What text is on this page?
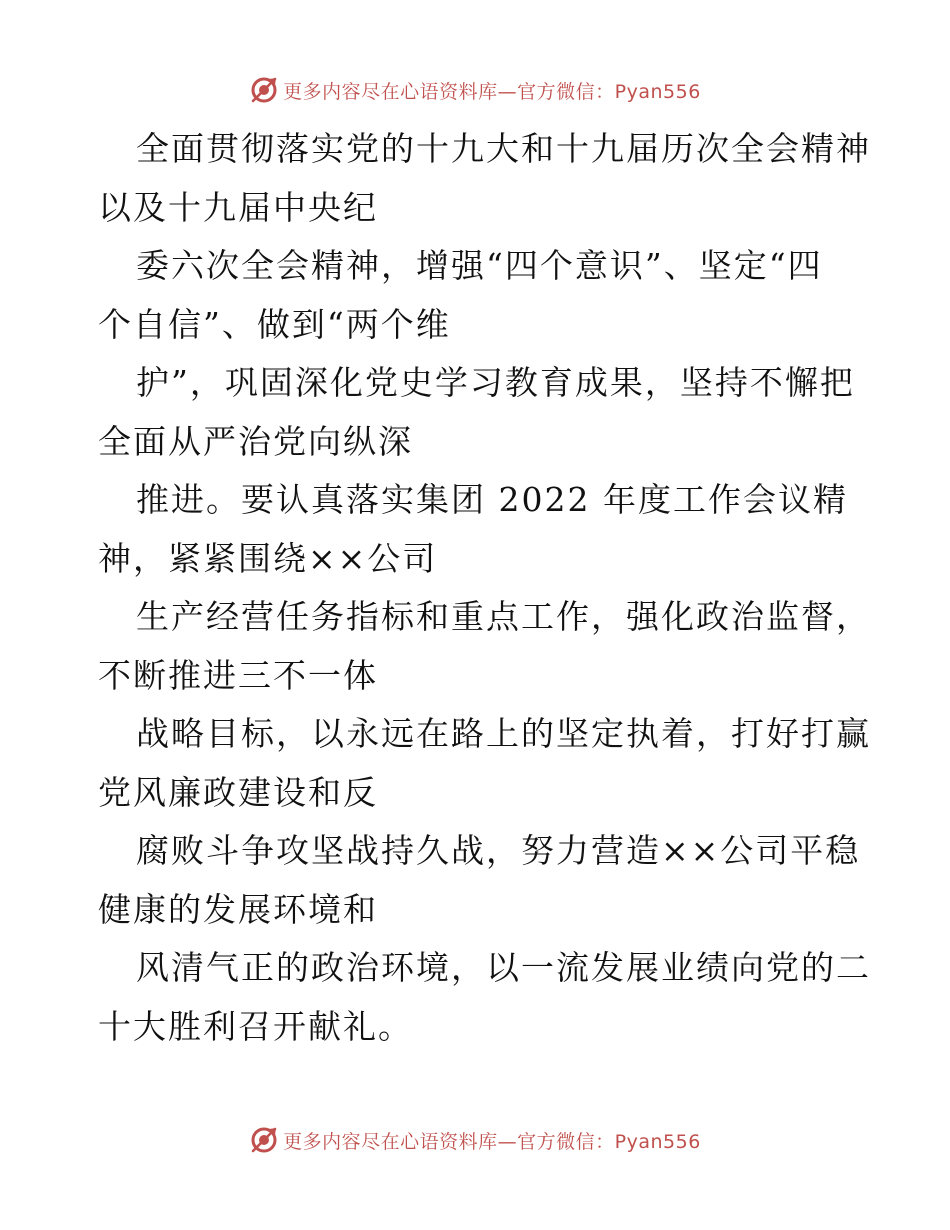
更多内容尽在心语资料库—官方微信：Pyan556
全面贯彻落实党的十九大和十九届历次全会精神
以及十九届中央纪
委六次全会精神，增强“四个意识”、坚定“四
个自信”、做到“两个维
护”，巩固深化党史学习教育成果，坚持不懈把
全面从严治党向纵深
推进。要认真落实集团 2022 年度工作会议精
神，紧紧围绕××公司
生产经营任务指标和重点工作，强化政治监督，
不断推进三不一体
战略目标，以永远在路上的坚定执着，打好打赢
党风廉政建设和反
腐败斗争攻坚战持久战，努力营造××公司平稳
健康的发展环境和
风清气正的政治环境，以一流发展业绩向党的二
十大胜利召开献礼。
更多内容尽在心语资料库—官方微信：Pyan556
